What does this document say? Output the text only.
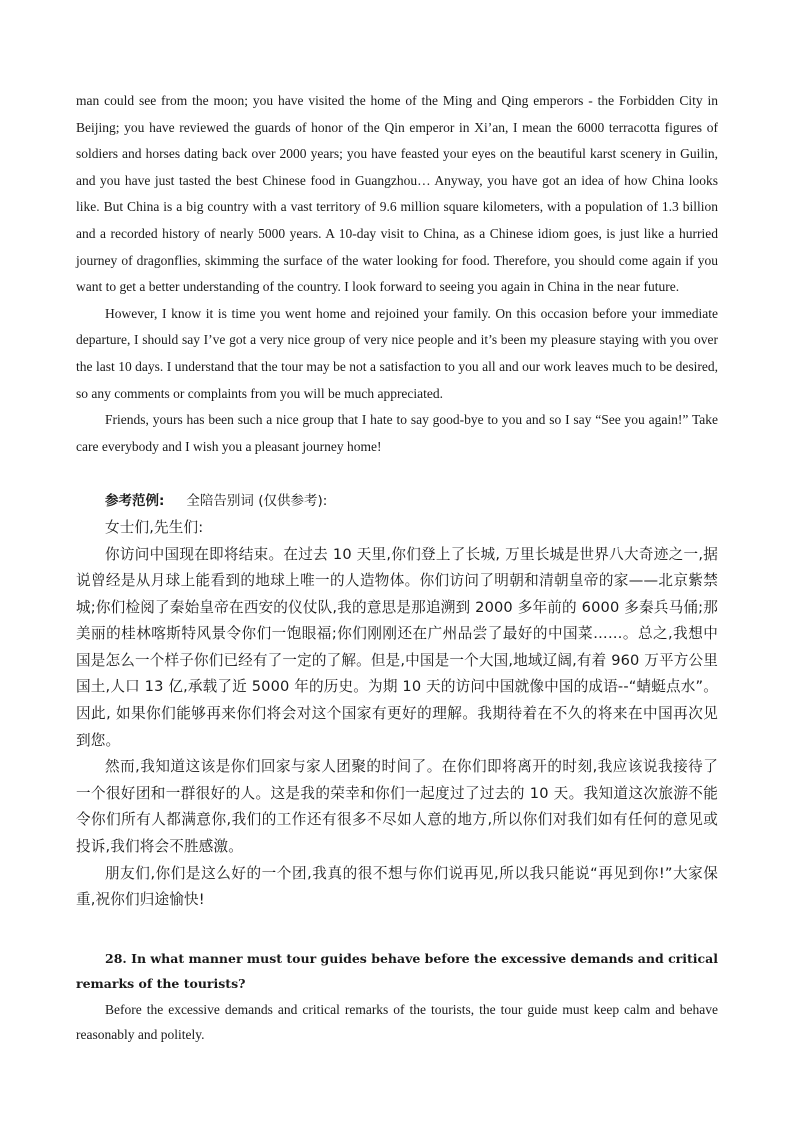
man could see from the moon; you have visited the home of the Ming and Qing emperors - the Forbidden City in Beijing; you have reviewed the guards of honor of the Qin emperor in Xi’an, I mean the 6000 terracotta figures of soldiers and horses dating back over 2000 years; you have feasted your eyes on the beautiful karst scenery in Guilin, and you have just tasted the best Chinese food in Guangzhou… Anyway, you have got an idea of how China looks like. But China is a big country with a vast territory of 9.6 million square kilometers, with a population of 1.3 billion and a recorded history of nearly 5000 years. A 10-day visit to China, as a Chinese idiom goes, is just like a hurried journey of dragonflies, skimming the surface of the water looking for food. Therefore, you should come again if you want to get a better understanding of the country. I look forward to seeing you again in China in the near future.

However, I know it is time you went home and rejoined your family. On this occasion before your immediate departure, I should say I’ve got a very nice group of very nice people and it’s been my pleasure staying with you over the last 10 days. I understand that the tour may be not a satisfaction to you all and our work leaves much to be desired, so any comments or complaints from you will be much appreciated.

Friends, yours has been such a nice group that I hate to say good-bye to you and so I say “See you again!” Take care everybody and I wish you a pleasant journey home!

参考范例: 全陪告别词 (仅供参考):

女士们,先生们:

你访问中国现在即将结束。在过去 10 天里,你们登上了长城, 万里长城是世界八大奇迹之一,据说曾经是从月球上能看到的地球上唯一的人造物体。你们访问了明朝和清朝皇帝的家——北京紫禁城;你们检阅了秦始皇帝在西安的仪仗队,我的意思是那追溯到 2000 多年前的 6000 多秦兵马俑;那美丽的桂林喀斯特风景令你们一饱眼福;你们刚刚还在广州品尝了最好的中国菜……。总之,我想中国是怎么一个样子你们已经有了一定的了解。但是,中国是一个大国,地域辽阔,有着 960 万平方公里国土,人口 13 亿,承载了近 5000 年的历史。为期 10 天的访问中国就像中国的成语--“蜻蜓点水”。因此, 如果你们能够再来你们将会对这个国家有更好的理解。我期待着在不久的将来在中国再次见到您。

然而,我知道这该是你们回家与家人团聚的时间了。在你们即将离开的时刻,我应该说我接待了一个很好团和一群很好的人。这是我的荣幸和你们一起度过了过去的 10 天。我知道这次旅游不能令你们所有人都满意你,我们的工作还有很多不尽如人意的地方,所以你们对我们如有任何的意见或投诉,我们将会不胜感激。

朋友们,你们是这么好的一个团,我真的很不想与你们说再见,所以我只能说“再见到你!”大家保重,祝你们归途愉快!

28. In what manner must tour guides behave before the excessive demands and critical remarks of the tourists?

Before the excessive demands and critical remarks of the tourists, the tour guide must keep calm and behave reasonably and politely.
